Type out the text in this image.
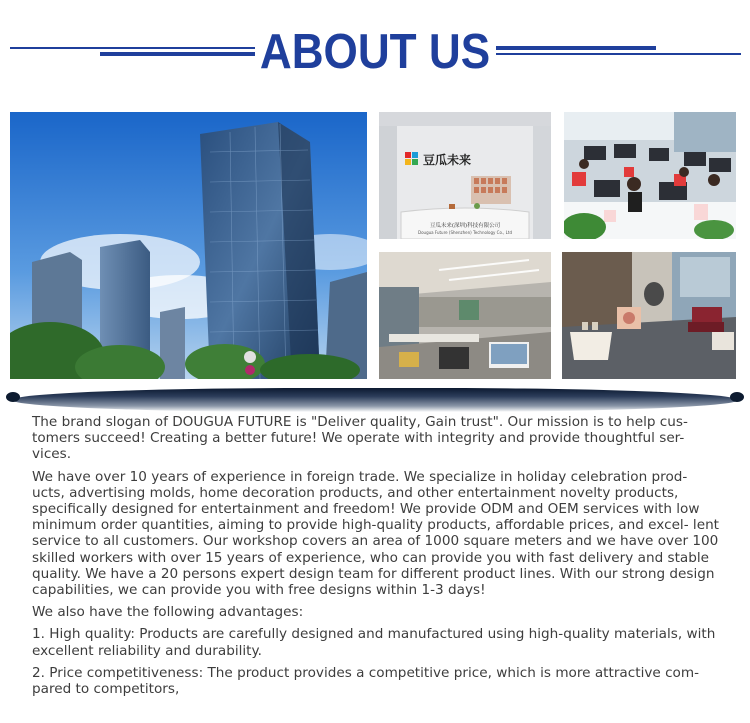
ABOUT US
豆瓜未来
豆瓜未来(深圳)科技有限公司
Dougua Future (Shenzhen) Technology Co., Ltd

The brand slogan of DOUGUA FUTURE is "Deliver quality, Gain trust". Our mission is to help cus- tomers succeed! Creating a better future! We operate with integrity and provide thoughtful ser- vices.

We have over 10 years of experience in foreign trade. We specialize in holiday celebration prod- ucts, advertising molds, home decoration products, and other entertainment novelty products, specifically designed for entertainment and freedom! We provide ODM and OEM services with low minimum order quantities, aiming to provide high-quality products, affordable prices, and excel- lent service to all customers. Our workshop covers an area of 1000 square meters and we have over 100 skilled workers with over 15 years of experience, who can provide you with fast delivery and stable quality. We have a 20 persons expert design team for different product lines. With our strong design capabilities, we can provide you with free designs within 1-3 days!

We also have the following advantages:

1. High quality: Products are carefully designed and manufactured using high-quality materials, with excellent reliability and durability.

2. Price competitiveness: The product provides a competitive price, which is more attractive com- pared to competitors,
